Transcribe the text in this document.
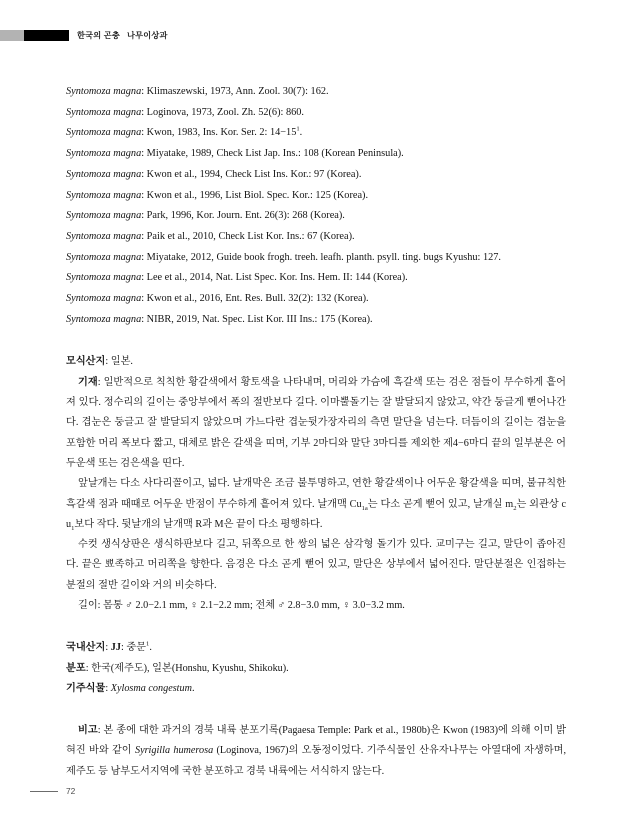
한국의 곤충 나무이상과
Syntomoza magna: Klimaszewski, 1973, Ann. Zool. 30(7): 162.
Syntomoza magna: Loginova, 1973, Zool. Zh. 52(6): 860.
Syntomoza magna: Kwon, 1983, Ins. Kor. Ser. 2: 14−15$^1$.
Syntomoza magna: Miyatake, 1989, Check List Jap. Ins.: 108 (Korean Peninsula).
Syntomoza magna: Kwon et al., 1994, Check List Ins. Kor.: 97 (Korea).
Syntomoza magna: Kwon et al., 1996, List Biol. Spec. Kor.: 125 (Korea).
Syntomoza magna: Park, 1996, Kor. Journ. Ent. 26(3): 268 (Korea).
Syntomoza magna: Paik et al., 2010, Check List Kor. Ins.: 67 (Korea).
Syntomoza magna: Miyatake, 2012, Guide book frogh. treeh. leafh. planth. psyll. ting. bugs Kyushu: 127.
Syntomoza magna: Lee et al., 2014, Nat. List Spec. Kor. Ins. Hem. II: 144 (Korea).
Syntomoza magna: Kwon et al., 2016, Ent. Res. Bull. 32(2): 132 (Korea).
Syntomoza magna: NIBR, 2019, Nat. Spec. List Kor. III Ins.: 175 (Korea).
모식산지: 일본.
기재: 일반적으로 칙칙한 황갈색에서 황토색을 나타내며, 머리와 가슴에 흑갈색 또는 검은 점들이 무수하게 흩어져 있다. 정수리의 길이는 중앙부에서 폭의 절반보다 길다. 이마뿔돌기는 잘 발달되지 않았고, 약간 둥글게 뻗어나간다. 겹눈은 둥글고 잘 발달되지 않았으며 가느다란 겹눈뒷가장자리의 측면 말단을 넘는다. 더듬이의 길이는 겹눈을 포함한 머리 폭보다 짧고, 대체로 밝은 갈색을 띠며, 기부 2마디와 말단 3마디를 제외한 제4−6마디 끝의 일부분은 어두운색 또는 검은색을 띤다.
앞날개는 다소 사다리꼴이고, 넓다. 날개막은 조금 불투명하고, 연한 황갈색이나 어두운 황갈색을 띠며, 불규칙한 흑갈색 점과 때때로 어두운 반점이 무수하게 흩어져 있다. 날개맥 $Cu_{1a}$는 다소 곧게 뻗어 있고, 날개실 $m_2$는 외관상 $cu_1$보다 작다. 뒷날개의 날개맥 R과 M은 끝이 다소 평행하다.
수컷 생식상판은 생식하판보다 길고, 뒤쪽으로 한 쌍의 넓은 삼각형 돌기가 있다. 교미구는 길고, 말단이 좁아진다. 끝은 뾰족하고 머리쪽을 향한다. 음경은 다소 곧게 뻗어 있고, 말단은 상부에서 넓어진다. 말단분절은 인접하는 분절의 절반 길이와 거의 비슷하다.
길이: 몸통 ♂ 2.0−2.1 mm, ♀ 2.1−2.2 mm; 전체 ♂ 2.8−3.0 mm, ♀ 3.0−3.2 mm.
국내산지: JJ: 중문$^1$.
분포: 한국(제주도), 일본(Honshu, Kyushu, Shikoku).
기주식물: Xylosma congestum.
비고: 본 종에 대한 과거의 경북 내륙 분포기록(Pagaesa Temple: Park et al., 1980b)은 Kwon (1983)에 의해 이미 밝혀진 바와 같이 Syrigilla humerosa (Loginova, 1967)의 오동정이었다. 기주식물인 산유자나무는 아열대에 자생하며, 제주도 등 남부도서지역에 국한 분포하고 경북 내륙에는 서식하지 않는다.
72
